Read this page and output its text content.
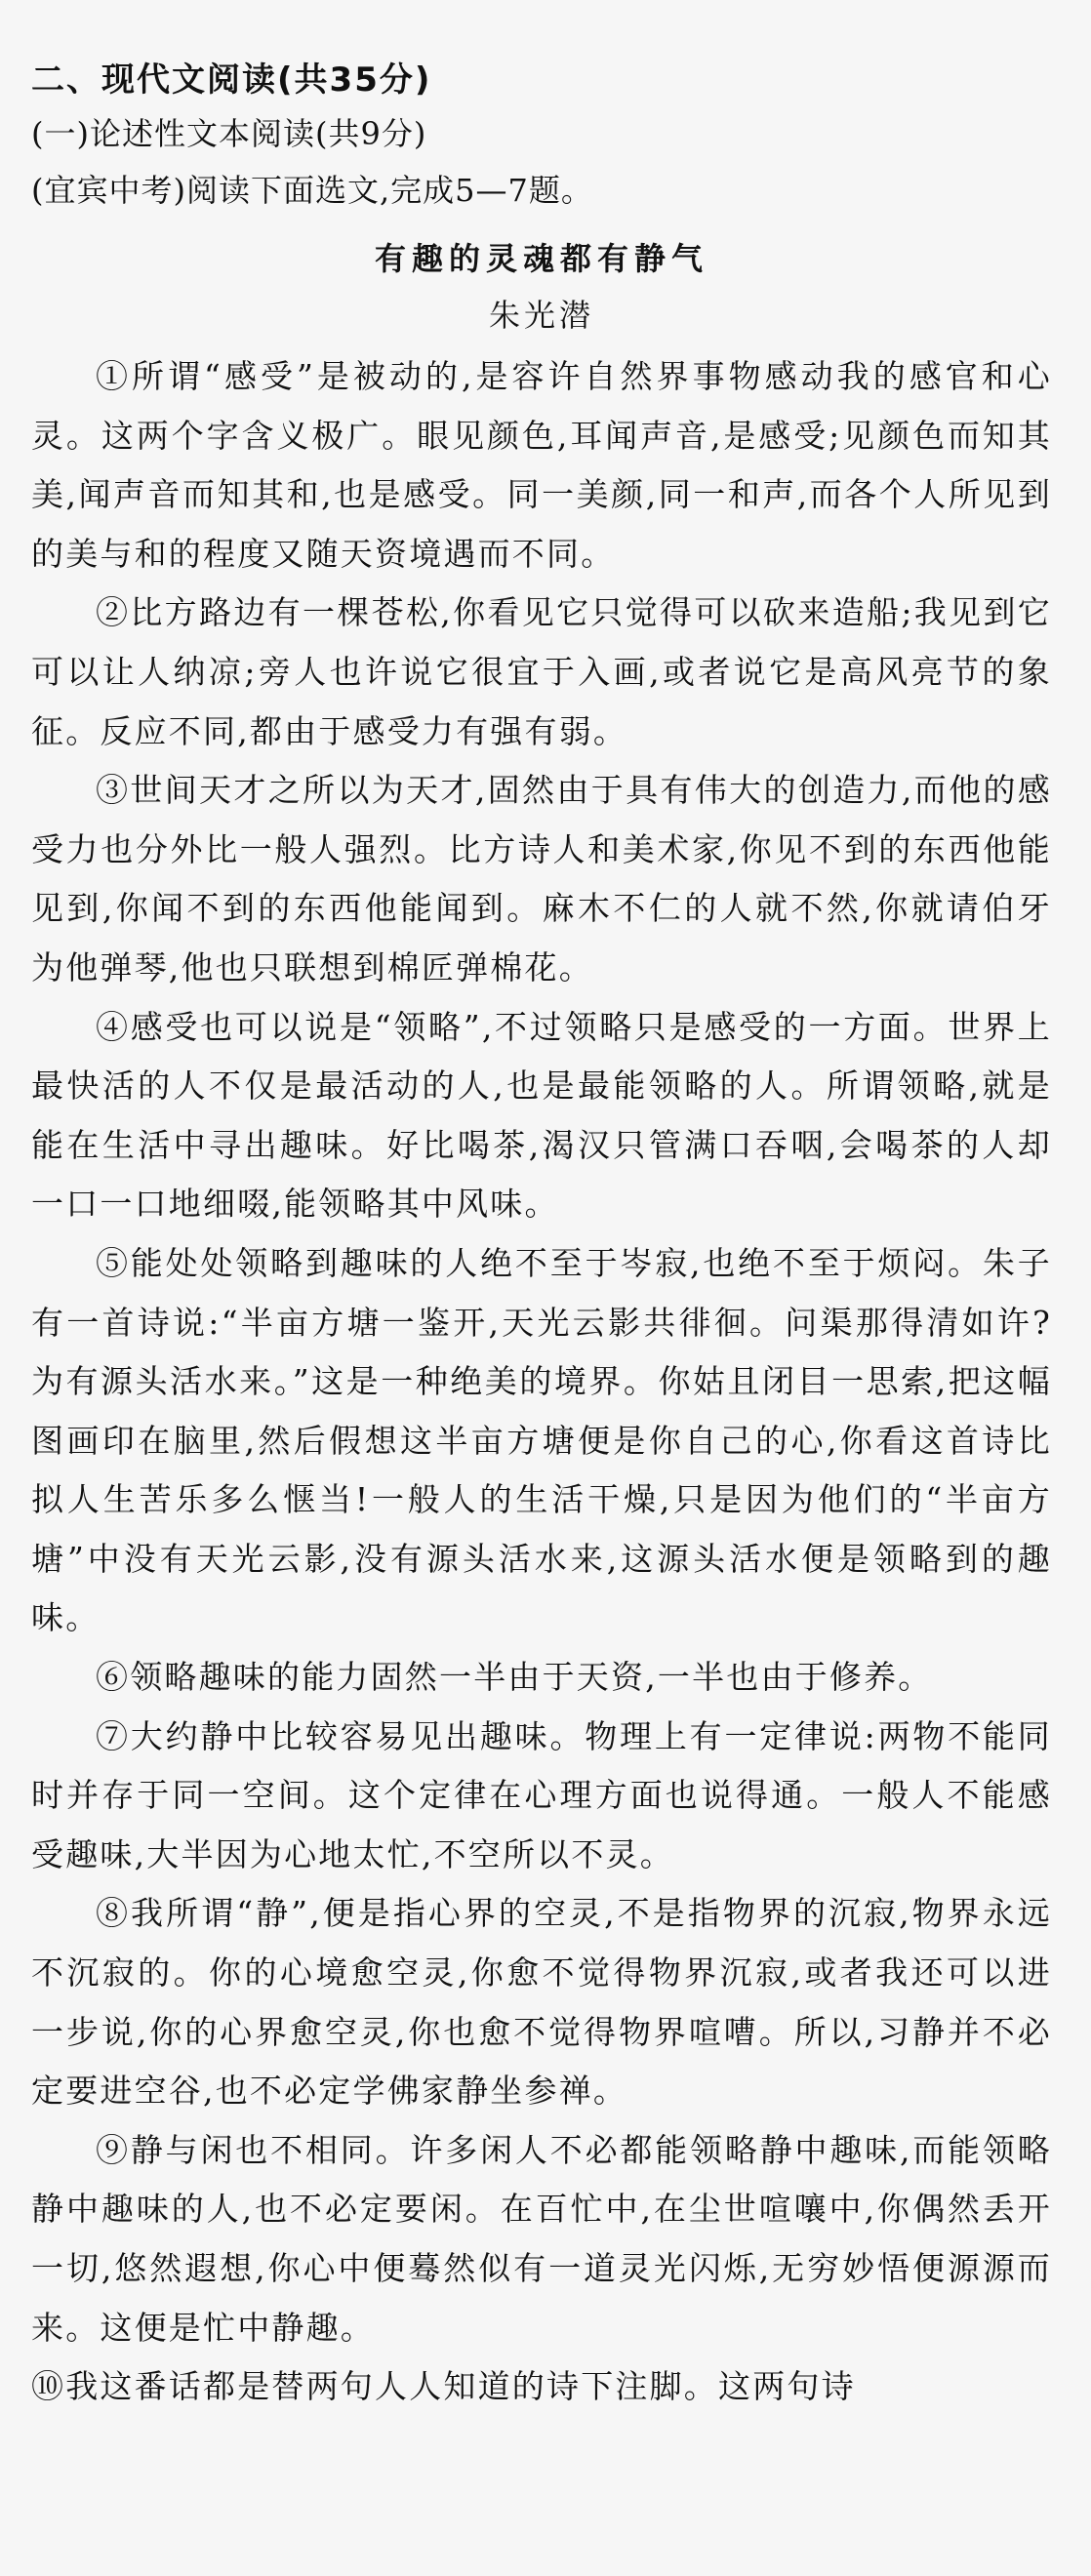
二、现代文阅读(共35分)

(一)论述性文本阅读(共9分)

(宜宾中考)阅读下面选文,完成5—7题。

有趣的灵魂都有静气
朱光潜

①所谓“感受”是被动的,是容许自然界事物感动我的感官和心灵。这两个字含义极广。眼见颜色,耳闻声音,是感受;见颜色而知其美,闻声音而知其和,也是感受。同一美颜,同一和声,而各个人所见到的美与和的程度又随天资境遇而不同。

②比方路边有一棵苍松,你看见它只觉得可以砍来造船;我见到它可以让人纳凉;旁人也许说它很宜于入画,或者说它是高风亮节的象征。反应不同,都由于感受力有强有弱。

③世间天才之所以为天才,固然由于具有伟大的创造力,而他的感受力也分外比一般人强烈。比方诗人和美术家,你见不到的东西他能见到,你闻不到的东西他能闻到。麻木不仁的人就不然,你就请伯牙为他弹琴,他也只联想到棉匠弹棉花。

④感受也可以说是“领略”,不过领略只是感受的一方面。世界上最快活的人不仅是最活动的人,也是最能领略的人。所谓领略,就是能在生活中寻出趣味。好比喝茶,渴汉只管满口吞咽,会喝茶的人却一口一口地细啜,能领略其中风味。

⑤能处处领略到趣味的人绝不至于岑寂,也绝不至于烦闷。朱子有一首诗说:“半亩方塘一鉴开,天光云影共徘徊。问渠那得清如许?为有源头活水来。”这是一种绝美的境界。你姑且闭目一思索,把这幅图画印在脑里,然后假想这半亩方塘便是你自己的心,你看这首诗比拟人生苦乐多么惬当!一般人的生活干燥,只是因为他们的“半亩方塘”中没有天光云影,没有源头活水来,这源头活水便是领略到的趣味。

⑥领略趣味的能力固然一半由于天资,一半也由于修养。

⑦大约静中比较容易见出趣味。物理上有一定律说:两物不能同时并存于同一空间。这个定律在心理方面也说得通。一般人不能感受趣味,大半因为心地太忙,不空所以不灵。

⑧我所谓“静”,便是指心界的空灵,不是指物界的沉寂,物界永远不沉寂的。你的心境愈空灵,你愈不觉得物界沉寂,或者我还可以进一步说,你的心界愈空灵,你也愈不觉得物界喧嘈。所以,习静并不必定要进空谷,也不必定学佛家静坐参禅。

⑨静与闲也不相同。许多闲人不必都能领略静中趣味,而能领略静中趣味的人,也不必定要闲。在百忙中,在尘世喧嚷中,你偶然丢开一切,悠然遐想,你心中便蓦然似有一道灵光闪烁,无穷妙悟便源源而来。这便是忙中静趣。

⑩我这番话都是替两句人人知道的诗下注脚。这两句诗
